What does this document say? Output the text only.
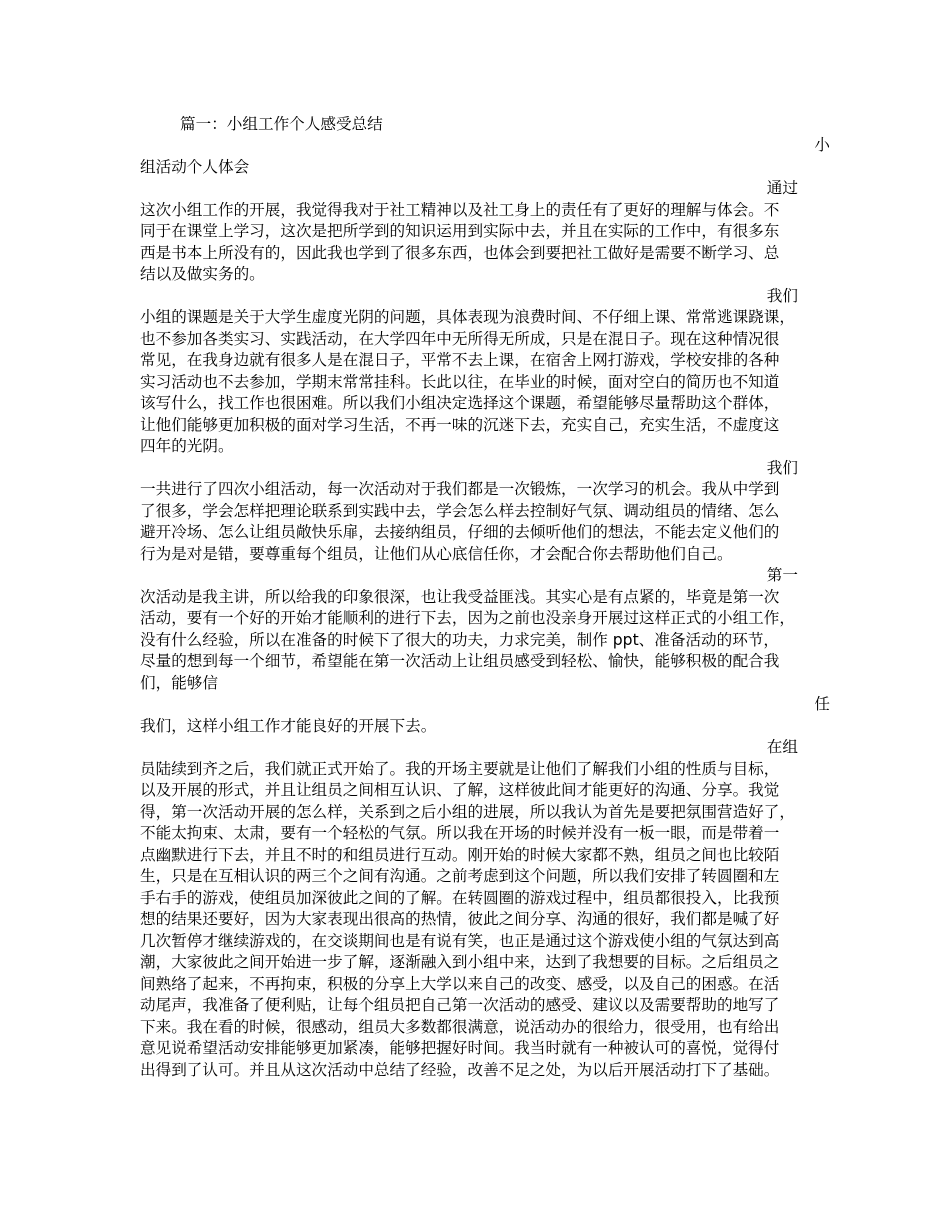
篇一：小组工作个人感受总结
小
组活动个人体会
通过
这次小组工作的开展，我觉得我对于社工精神以及社工身上的责任有了更好的理解与体会。不
同于在课堂上学习，这次是把所学到的知识运用到实际中去，并且在实际的工作中，有很多东
西是书本上所没有的，因此我也学到了很多东西，也体会到要把社工做好是需要不断学习、总
结以及做实务的。
我们
小组的课题是关于大学生虚度光阴的问题，具体表现为浪费时间、不仔细上课、常常逃课跷课，
也不参加各类实习、实践活动，在大学四年中无所得无所成，只是在混日子。现在这种情况很
常见，在我身边就有很多人是在混日子，平常不去上课，在宿舍上网打游戏，学校安排的各种
实习活动也不去参加，学期末常常挂科。长此以往，在毕业的时候，面对空白的简历也不知道
该写什么，找工作也很困难。所以我们小组决定选择这个课题，希望能够尽量帮助这个群体，
让他们能够更加积极的面对学习生活，不再一味的沉迷下去，充实自己，充实生活，不虚度这
四年的光阴。
我们
一共进行了四次小组活动，每一次活动对于我们都是一次锻炼，一次学习的机会。我从中学到
了很多，学会怎样把理论联系到实践中去，学会怎么样去控制好气氛、调动组员的情绪、怎么
避开冷场、怎么让组员敞快乐扉，去接纳组员，仔细的去倾听他们的想法，不能去定义他们的
行为是对是错，要尊重每个组员，让他们从心底信任你，才会配合你去帮助他们自己。
第一
次活动是我主讲，所以给我的印象很深，也让我受益匪浅。其实心是有点紧的，毕竟是第一次
活动，要有一个好的开始才能顺利的进行下去，因为之前也没亲身开展过这样正式的小组工作，
没有什么经验，所以在准备的时候下了很大的功夫，力求完美，制作 ppt、准备活动的环节，
尽量的想到每一个细节，希望能在第一次活动上让组员感受到轻松、愉快，能够积极的配合我
们，能够信
任
我们，这样小组工作才能良好的开展下去。
在组
员陆续到齐之后，我们就正式开始了。我的开场主要就是让他们了解我们小组的性质与目标，
以及开展的形式，并且让组员之间相互认识、了解，这样彼此间才能更好的沟通、分享。我觉
得，第一次活动开展的怎么样，关系到之后小组的进展，所以我认为首先是要把氛围营造好了，
不能太拘束、太肃，要有一个轻松的气氛。所以我在开场的时候并没有一板一眼，而是带着一
点幽默进行下去，并且不时的和组员进行互动。刚开始的时候大家都不熟，组员之间也比较陌
生，只是在互相认识的两三个之间有沟通。之前考虑到这个问题，所以我们安排了转圆圈和左
手右手的游戏，使组员加深彼此之间的了解。在转圆圈的游戏过程中，组员都很投入，比我预
想的结果还要好，因为大家表现出很高的热情，彼此之间分享、沟通的很好，我们都是喊了好
几次暂停才继续游戏的，在交谈期间也是有说有笑，也正是通过这个游戏使小组的气氛达到高
潮，大家彼此之间开始进一步了解，逐渐融入到小组中来，达到了我想要的目标。之后组员之
间熟络了起来，不再拘束，积极的分享上大学以来自己的改变、感受，以及自己的困惑。在活
动尾声，我准备了便利贴，让每个组员把自己第一次活动的感受、建议以及需要帮助的地写了
下来。我在看的时候，很感动，组员大多数都很满意，说活动办的很给力，很受用，也有给出
意见说希望活动安排能够更加紧凑，能够把握好时间。我当时就有一种被认可的喜悦，觉得付
出得到了认可。并且从这次活动中总结了经验，改善不足之处，为以后开展活动打下了基础。
